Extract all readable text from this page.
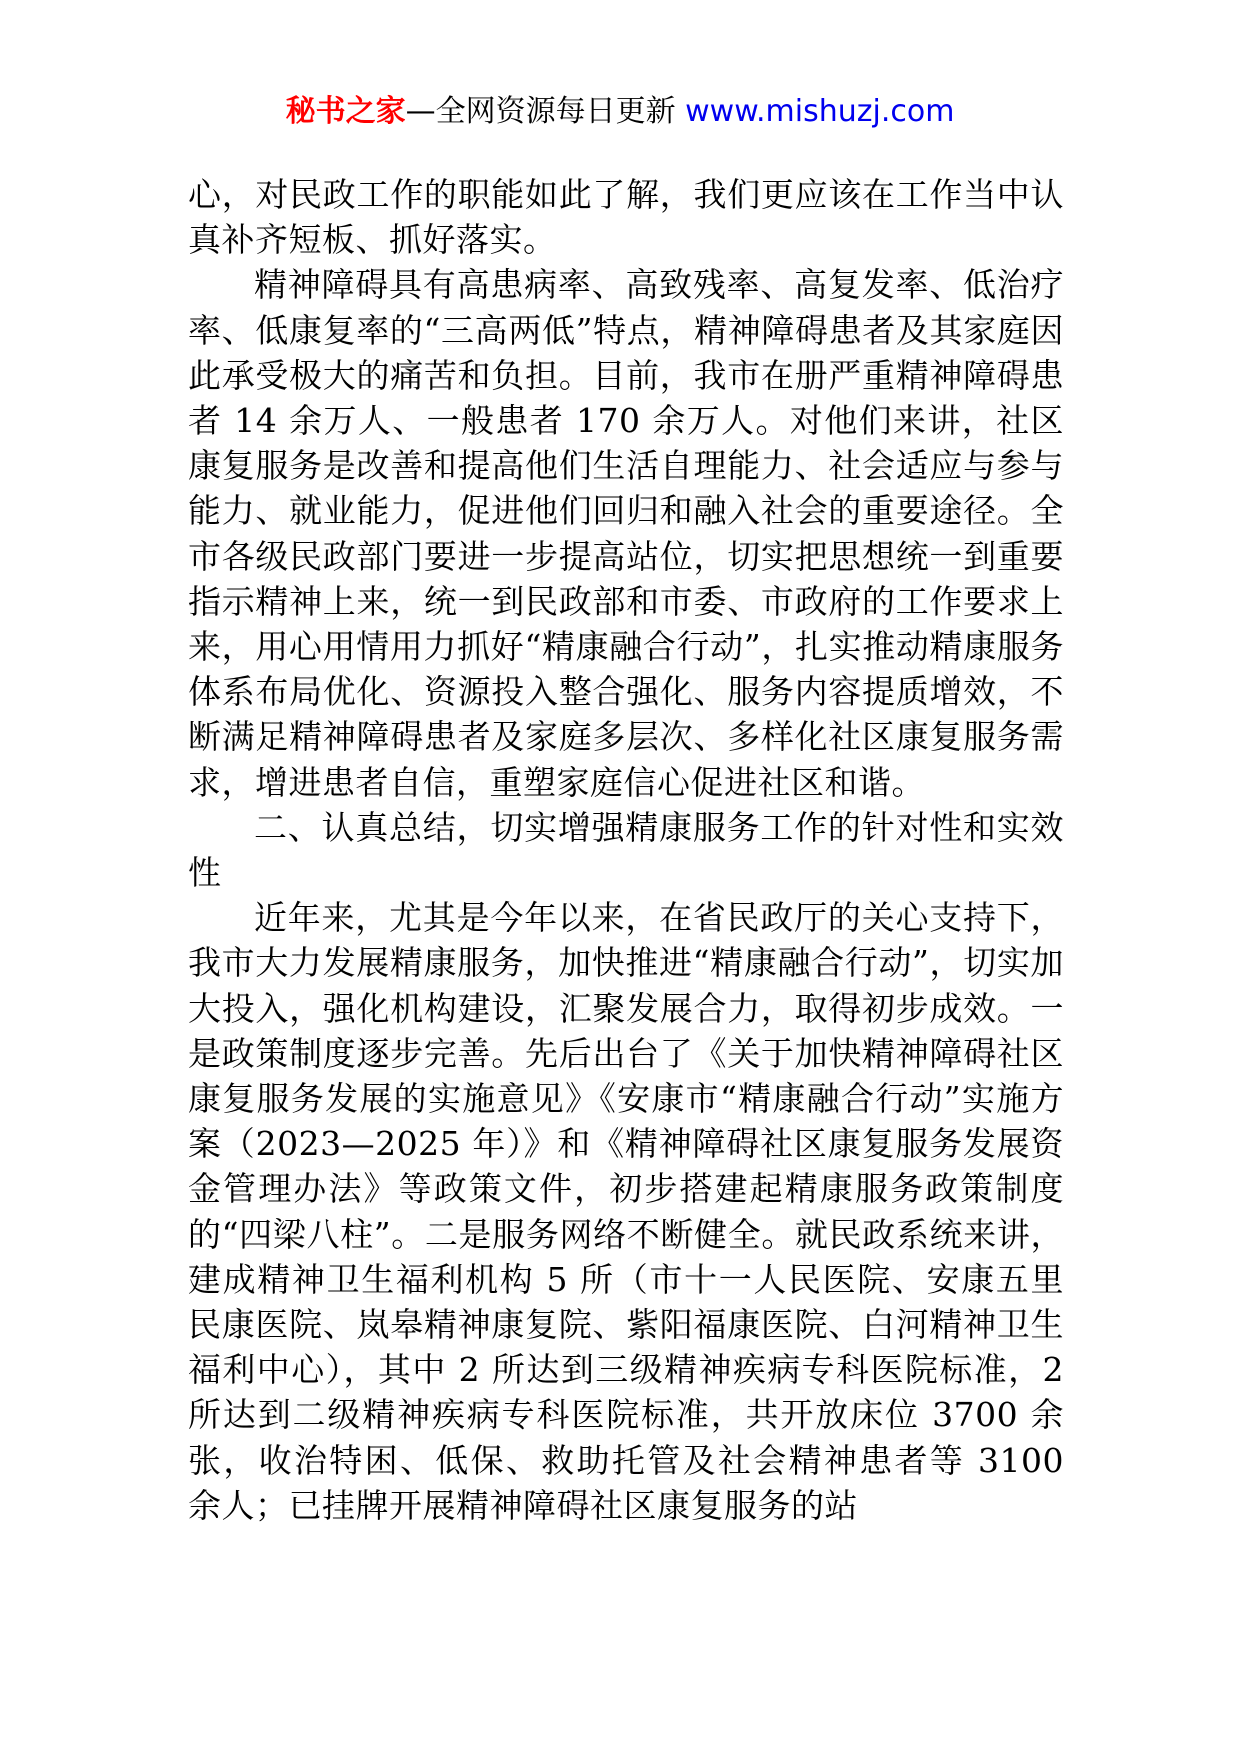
秘书之家—全网资源每日更新 www.mishuzj.com

心，对民政工作的职能如此了解，我们更应该在工作当中认真补齐短板、抓好落实。

精神障碍具有高患病率、高致残率、高复发率、低治疗率、低康复率的“三高两低”特点，精神障碍患者及其家庭因此承受极大的痛苦和负担。目前，我市在册严重精神障碍患者 14 余万人、一般患者 170 余万人。对他们来讲，社区康复服务是改善和提高他们生活自理能力、社会适应与参与能力、就业能力，促进他们回归和融入社会的重要途径。全市各级民政部门要进一步提高站位，切实把思想统一到重要指示精神上来，统一到民政部和市委、市政府的工作要求上来，用心用情用力抓好“精康融合行动”，扎实推动精康服务体系布局优化、资源投入整合强化、服务内容提质增效，不断满足精神障碍患者及家庭多层次、多样化社区康复服务需求，增进患者自信，重塑家庭信心促进社区和谐。

二、认真总结，切实增强精康服务工作的针对性和实效性

近年来，尤其是今年以来，在省民政厅的关心支持下，我市大力发展精康服务，加快推进“精康融合行动”，切实加大投入，强化机构建设，汇聚发展合力，取得初步成效。一是政策制度逐步完善。先后出台了《关于加快精神障碍社区康复服务发展的实施意见》《安康市“精康融合行动”实施方案（2023—2025 年）》和《精神障碍社区康复服务发展资金管理办法》等政策文件，初步搭建起精康服务政策制度的“四梁八柱”。二是服务网络不断健全。就民政系统来讲，建成精神卫生福利机构 5 所（市十一人民医院、安康五里民康医院、岚皋精神康复院、紫阳福康医院、白河精神卫生福利中心），其中 2 所达到三级精神疾病专科医院标准，2 所达到二级精神疾病专科医院标准，共开放床位 3700 余张，收治特困、低保、救助托管及社会精神患者等 3100 余人；已挂牌开展精神障碍社区康复服务的站
